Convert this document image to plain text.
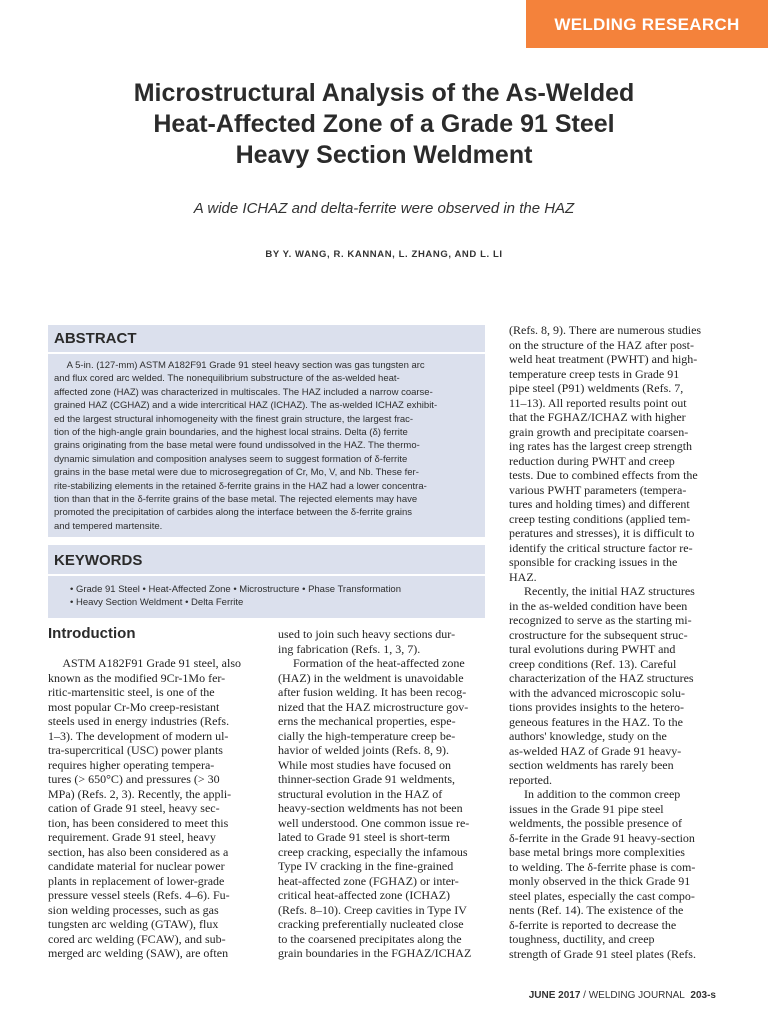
WELDING RESEARCH
Microstructural Analysis of the As-Welded
Heat-Affected Zone of a Grade 91 Steel
Heavy Section Weldment
A wide ICHAZ and delta-ferrite were observed in the HAZ
BY Y. WANG, R. KANNAN, L. ZHANG, AND L. LI
ABSTRACT
A 5-in. (127-mm) ASTM A182F91 Grade 91 steel heavy section was gas tungsten arc
and flux cored arc welded. The nonequilibrium substructure of the as-welded heat-
affected zone (HAZ) was characterized in multiscales. The HAZ included a narrow coarse-
grained HAZ (CGHAZ) and a wide intercritical HAZ (ICHAZ). The as-welded ICHAZ exhibit-
ed the largest structural inhomogeneity with the finest grain structure, the largest frac-
tion of the high-angle grain boundaries, and the highest local strains. Delta (δ) ferrite
grains originating from the base metal were found undissolved in the HAZ. The thermo-
dynamic simulation and composition analyses seem to suggest formation of δ-ferrite
grains in the base metal were due to microsegregation of Cr, Mo, V, and Nb. These fer-
rite-stabilizing elements in the retained δ-ferrite grains in the HAZ had a lower concentra-
tion than that in the δ-ferrite grains of the base metal. The rejected elements may have
promoted the precipitation of carbides along the interface between the δ-ferrite grains
and tempered martensite.
KEYWORDS
• Grade 91 Steel • Heat-Affected Zone • Microstructure • Phase Transformation
• Heavy Section Weldment • Delta Ferrite
Introduction
ASTM A182F91 Grade 91 steel, also
known as the modified 9Cr-1Mo fer-
ritic-martensitic steel, is one of the
most popular Cr-Mo creep-resistant
steels used in energy industries (Refs.
1–3). The development of modern ul-
tra-supercritical (USC) power plants
requires higher operating tempera-
tures (> 650°C) and pressures (> 30
MPa) (Refs. 2, 3). Recently, the appli-
cation of Grade 91 steel, heavy sec-
tion, has been considered to meet this
requirement. Grade 91 steel, heavy
section, has also been considered as a
candidate material for nuclear power
plants in replacement of lower-grade
pressure vessel steels (Refs. 4–6). Fu-
sion welding processes, such as gas
tungsten arc welding (GTAW), flux
cored arc welding (FCAW), and sub-
merged arc welding (SAW), are often
used to join such heavy sections dur-
ing fabrication (Refs. 1, 3, 7).
Formation of the heat-affected zone
(HAZ) in the weldment is unavoidable
after fusion welding. It has been recog-
nized that the HAZ microstructure gov-
erns the mechanical properties, espe-
cially the high-temperature creep be-
havior of welded joints (Refs. 8, 9).
While most studies have focused on
thinner-section Grade 91 weldments,
structural evolution in the HAZ of
heavy-section weldments has not been
well understood. One common issue re-
lated to Grade 91 steel is short-term
creep cracking, especially the infamous
Type IV cracking in the fine-grained
heat-affected zone (FGHAZ) or inter-
critical heat-affected zone (ICHAZ)
(Refs. 8–10). Creep cavities in Type IV
cracking preferentially nucleated close
to the coarsened precipitates along the
grain boundaries in the FGHAZ/ICHAZ
(Refs. 8, 9). There are numerous studies
on the structure of the HAZ after post-
weld heat treatment (PWHT) and high-
temperature creep tests in Grade 91
pipe steel (P91) weldments (Refs. 7,
11–13). All reported results point out
that the FGHAZ/ICHAZ with higher
grain growth and precipitate coarsen-
ing rates has the largest creep strength
reduction during PWHT and creep
tests. Due to combined effects from the
various PWHT parameters (tempera-
tures and holding times) and different
creep testing conditions (applied tem-
peratures and stresses), it is difficult to
identify the critical structure factor re-
sponsible for cracking issues in the
HAZ.
Recently, the initial HAZ structures
in the as-welded condition have been
recognized to serve as the starting mi-
crostructure for the subsequent struc-
tural evolutions during PWHT and
creep conditions (Ref. 13). Careful
characterization of the HAZ structures
with the advanced microscopic solu-
tions provides insights to the hetero-
geneous features in the HAZ. To the
authors' knowledge, study on the
as-welded HAZ of Grade 91 heavy-
section weldments has rarely been
reported.
In addition to the common creep
issues in the Grade 91 pipe steel
weldments, the possible presence of
δ-ferrite in the Grade 91 heavy-section
base metal brings more complexities
to welding. The δ-ferrite phase is com-
monly observed in the thick Grade 91
steel plates, especially the cast compo-
nents (Ref. 14). The existence of the
δ-ferrite is reported to decrease the
toughness, ductility, and creep
strength of Grade 91 steel plates (Refs.
JUNE 2017 / WELDING JOURNAL 203-s
